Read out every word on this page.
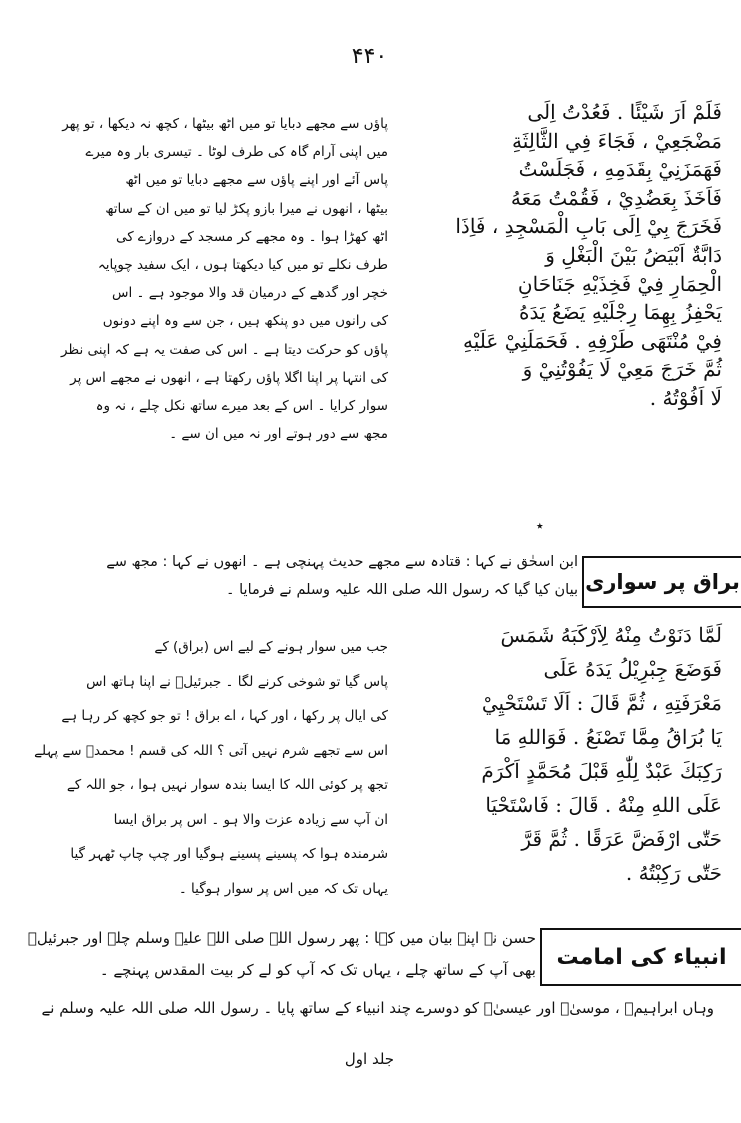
۴۴۰
فَلَمْ اَرَ شَيْئًا . فَعُدْتُ اِلَى
مَضْجَعِيْ ، فَجَاءَ فِي الثَّالِثَةِ
فَهَمَزَنِيْ بِقَدَمِهِ ، فَجَلَسْتُ
فَاَخَذَ بِعَضُدِيْ ، فَقُمْتُ مَعَهُ
فَخَرَجَ بِيْ اِلَى بَابِ الْمَسْجِدِ ، فَاِذَا
دَابَّةٌ اَبْيَضُ بَيْنَ الْبَغْلِ وَ
الْحِمَارِ فِيْ فَخِذَيْهِ جَنَاحَانِ
يَحْفِزُ بِهِمَا رِجْلَيْهِ يَضَعُ يَدَهُ
فِيْ مُنْتَهَى طَرْفِهِ . فَحَمَلَنِيْ عَلَيْهِ
ثُمَّ خَرَجَ مَعِيْ لَا يَفُوْتُنِيْ وَ
لَا اَفُوْتُهُ .
پاؤں سے مجھے دبایا تو میں اٹھ بیٹھا ، کچھ نہ دیکھا ، تو پھر
میں اپنی آرام گاہ کی طرف لوٹا ۔ تیسری بار وہ میرے
پاس آئے اور اپنے پاؤں سے مجھے دبایا تو میں اٹھ
بیٹھا ، انھوں نے میرا بازو پکڑ لیا تو میں ان کے ساتھ
اٹھ کھڑا ہوا ۔ وہ مجھے کر مسجد کے دروازے کی
طرف نکلے تو میں کیا دیکھتا ہوں ، ایک سفید چوپایہ
خچر اور گدھے کے درمیان قد والا موجود ہے ۔ اس
کی رانوں میں دو پنکھ ہیں ، جن سے وہ اپنے دونوں
پاؤں کو حرکت دیتا ہے ۔ اس کی صفت یہ ہے کہ اپنی نظر
کی انتہا پر اپنا اگلا پاؤں رکھتا ہے ، انھوں نے مجھے اس پر
سوار کرایا ۔ اس کے بعد میرے ساتھ نکل چلے ، نہ وہ
مجھ سے دور ہوتے اور نہ میں ان سے ۔
٭
براق پر سواری
ابن اسحٰق نے کہا : قتادہ سے مجھے حدیث پہنچی ہے ۔ انھوں نے کہا : مجھ سے
بیان کیا گیا کہ رسول اللہ صلی اللہ علیہ وسلم نے فرمایا ۔
لَمَّا دَنَوْتُ مِنْهُ لِاَرْكَبَهُ شَمَسَ
فَوَضَعَ جِبْرِيْلُ يَدَهُ عَلَى
مَعْرَفَتِهِ ، ثُمَّ قَالَ : اَلَا تَسْتَحْيِيْ
يَا بُرَاقُ مِمَّا تَصْنَعُ . فَوَاللهِ مَا
رَكِبَكَ عَبْدٌ لِلّٰهِ قَبْلَ مُحَمَّدٍ اَكْرَمَ
عَلَى اللهِ مِنْهُ . قَالَ : فَاسْتَحْيَا
حَتّٰى ارْفَضَّ عَرَقًا . ثُمَّ قَرَّ
حَتّٰى رَكِبْتُهُ .
جب میں سوار ہونے کے لیے اس (براق) کے
پاس گیا تو شوخی کرنے لگا ۔ جبرئیلؑ نے اپنا ہاتھ اس
کی ایال پر رکھا ، اور کہا ، اے براق ! تو جو کچھ کر رہا ہے
اس سے تجھے شرم نہیں آتی ؟ اللہ کی قسم ! محمدؐ سے پہلے
تجھ پر کوئی اللہ کا ایسا بندہ سوار نہیں ہوا ، جو اللہ کے
ان آپ سے زیادہ عزت والا ہو ۔ اس پر براق ایسا
شرمندہ ہوا کہ پسینے پسینے ہوگیا اور چپ چاپ ٹھہر گیا
یہاں تک کہ میں اس پر سوار ہوگیا ۔
انبیاء کی امامت
حسن نے اپنے بیان میں کہا : پھر رسول اللہ صلی اللہ علیہ وسلم چلے اور جبرئیلؑ
بھی آپ کے ساتھ چلے ، یہاں تک کہ آپ کو لے کر بیت المقدس پہنچے ۔
وہاں ابراہیمؑ ، موسیٰؑ اور عیسیٰؑ کو دوسرے چند انبیاء کے ساتھ پایا ۔ رسول اللہ صلی اللہ علیہ وسلم نے
جلد اول
